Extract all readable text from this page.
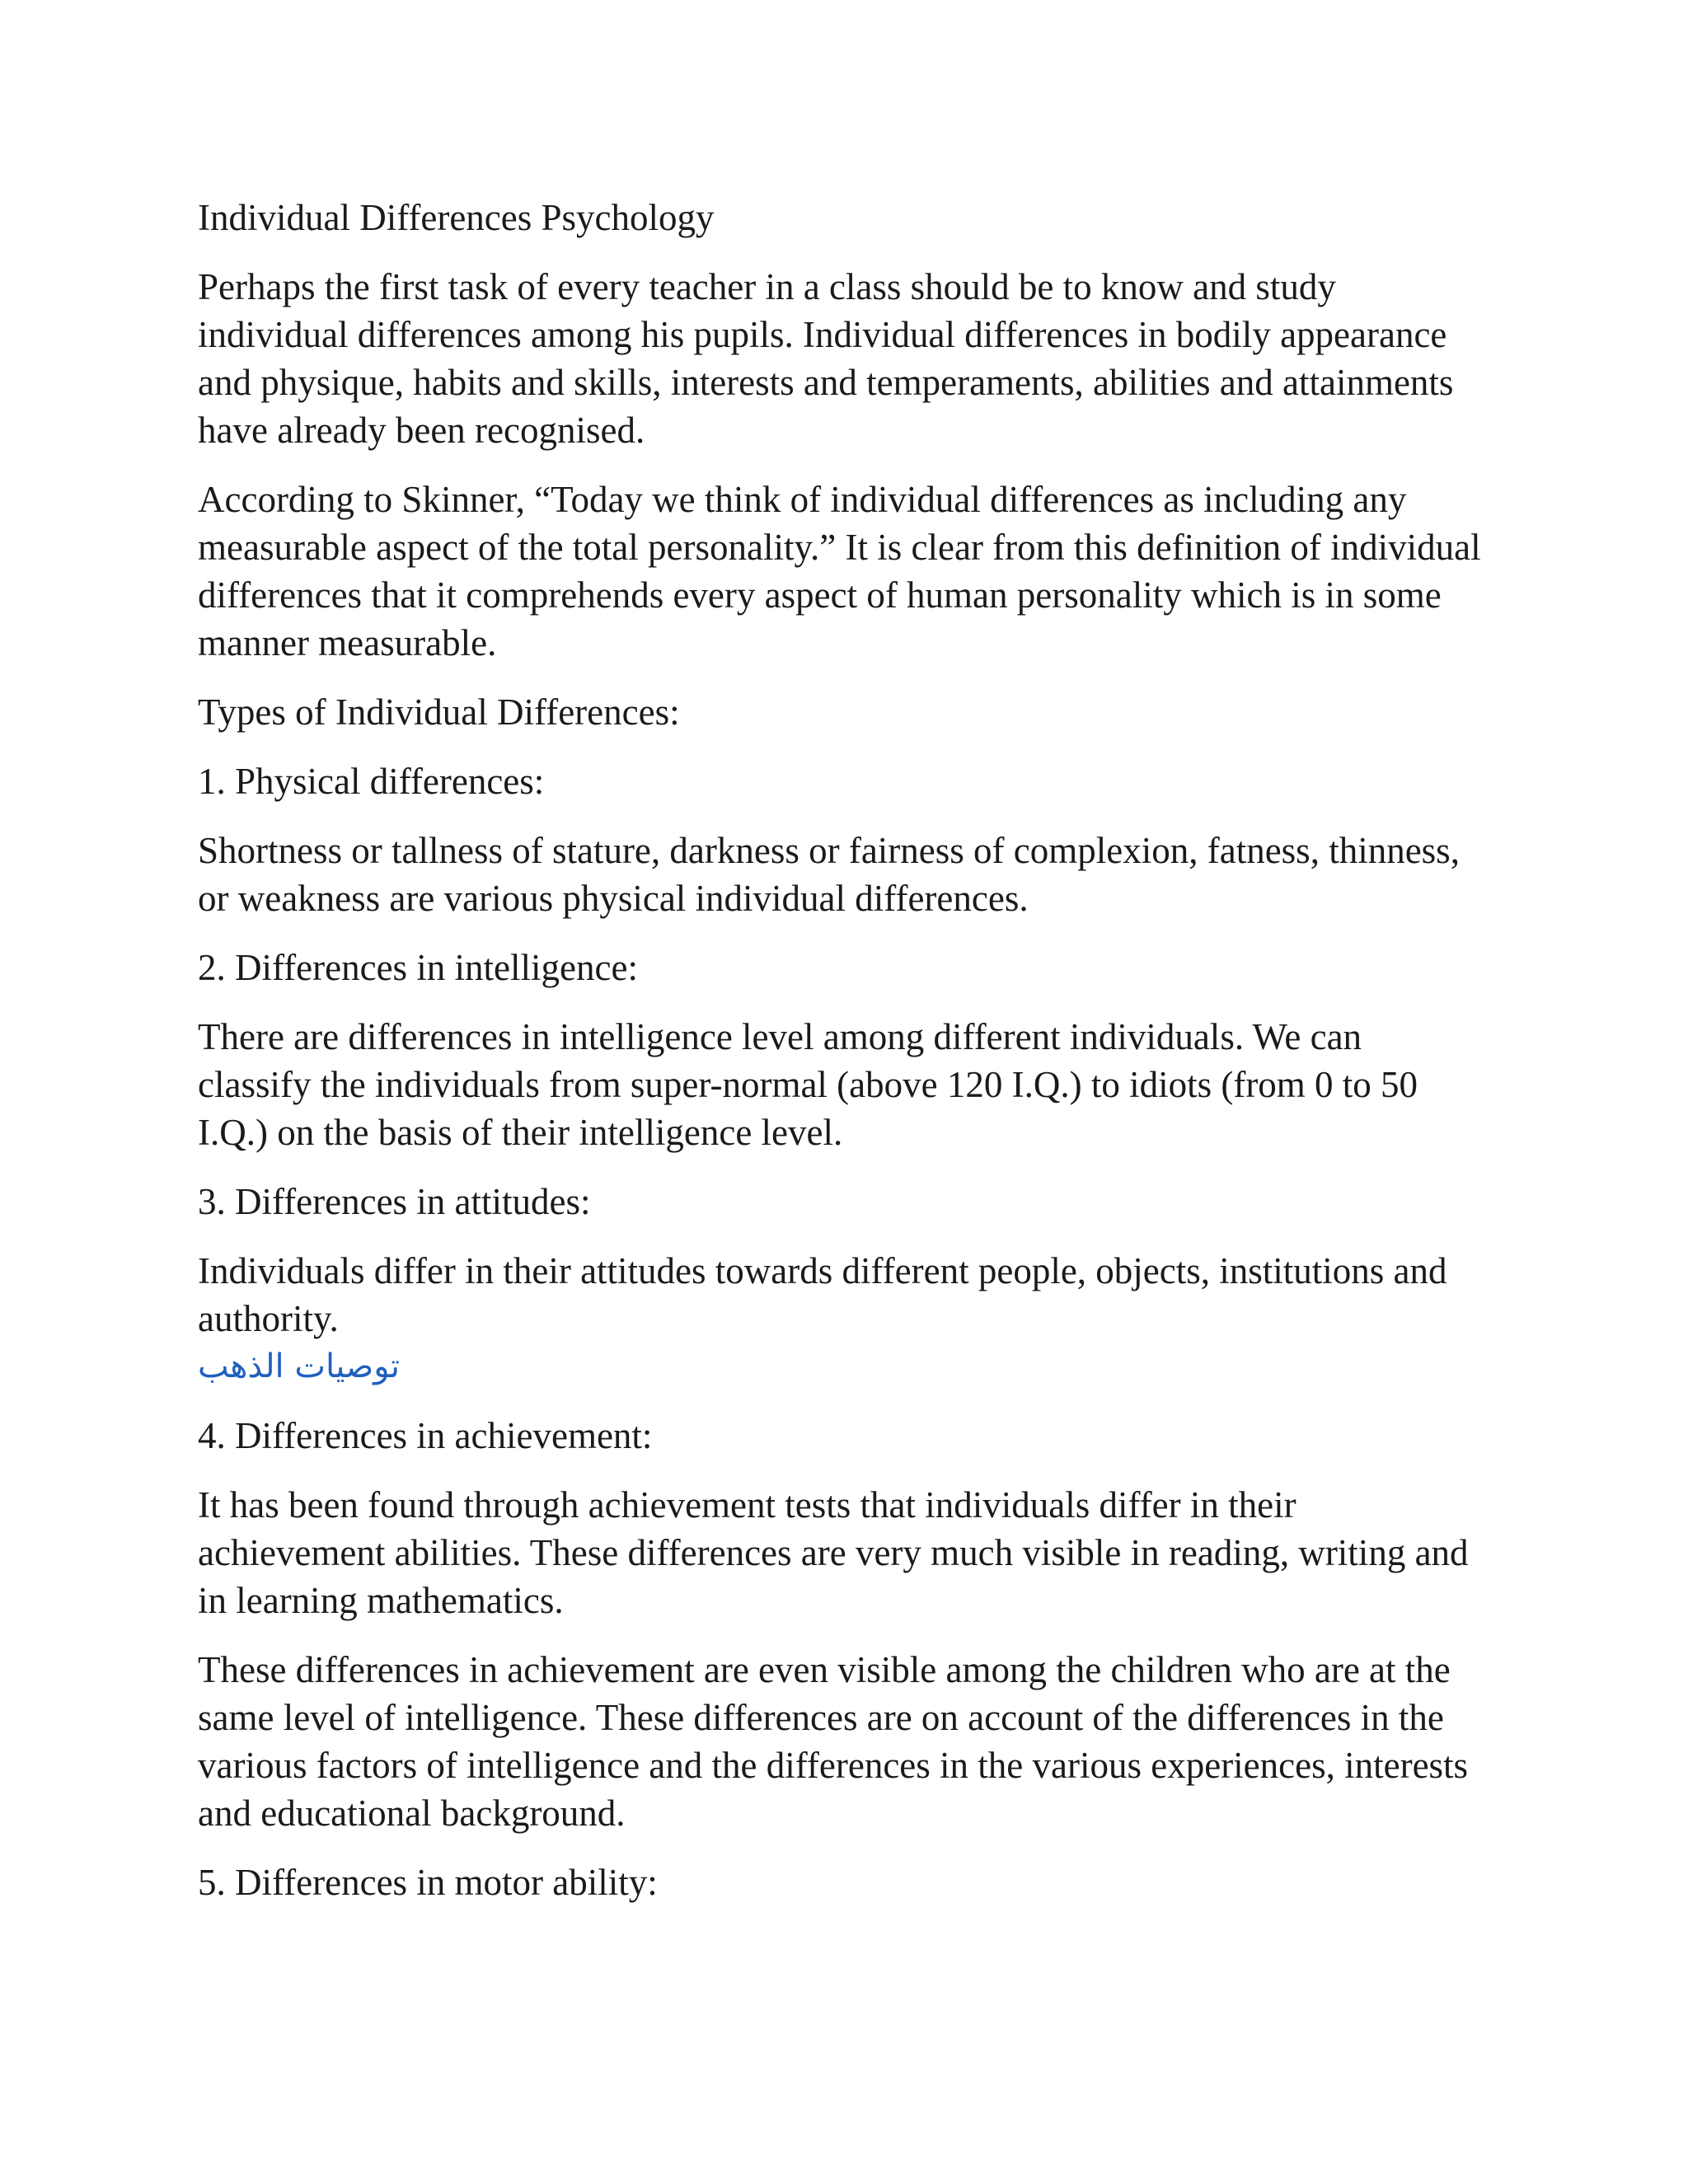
Individual Differences Psychology

Perhaps the first task of every teacher in a class should be to know and study individual differences among his pupils. Individual differences in bodily appearance and physique, habits and skills, interests and temperaments, abilities and attainments have already been recognised.

According to Skinner, “Today we think of individual differences as including any measurable aspect of the total personality.” It is clear from this definition of individual differences that it comprehends every aspect of human personality which is in some manner measurable.

Types of Individual Differences:

1. Physical differences:

Shortness or tallness of stature, darkness or fairness of complexion, fatness, thinness, or weakness are various physical individual differences.

2. Differences in intelligence:

There are differences in intelligence level among different individuals. We can classify the individuals from super-normal (above 120 I.Q.) to idiots (from 0 to 50 I.Q.) on the basis of their intelligence level.

3. Differences in attitudes:

Individuals differ in their attitudes towards different people, objects, institutions and authority.

توصيات الذهب

4. Differences in achievement:

It has been found through achievement tests that individuals differ in their achievement abilities. These differences are very much visible in reading, writing and in learning mathematics.

These differences in achievement are even visible among the children who are at the same level of intelligence. These differences are on account of the differences in the various factors of intelligence and the differences in the various experiences, interests and educational background.

5. Differences in motor ability:
